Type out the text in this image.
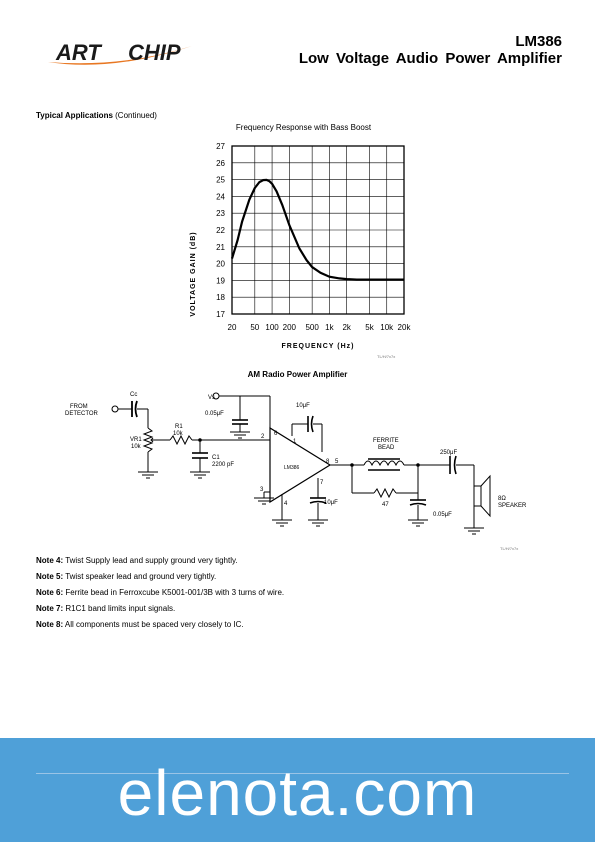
ART CHIP	LM386
Low Voltage Audio Power Amplifier
Typical Applications (Continued)
Frequency Response with Bass Boost
27
26
25
24
23
22
21
20
19
18
17
20 50 100 200 500 1k 2k 5k 10k 20k
VOLTAGE GAIN (dB)
FREQUENCY (Hz)
TL/H/7x7x
AM Radio Power Amplifier
FROM
DETECTOR
Cc
VR1
10k
R1
10k
C1
2200 pF
Vs
0.05μF
10μF
2 6
1
3
4
7
8 5
LM386
10μF
FERRITE
BEAD
47
250μF
0.05μF
8Ω
SPEAKER
TL/H/7x7x
Note 4: Twist Supply lead and supply ground very tightly.
Note 5: Twist speaker lead and ground very tightly.
Note 6: Ferrite bead in Ferroxcube K5001-001/3B with 3 turns of wire.
Note 7: R1C1 band limits input signals.
Note 8: All components must be spaced very closely to IC.
elenota.com
